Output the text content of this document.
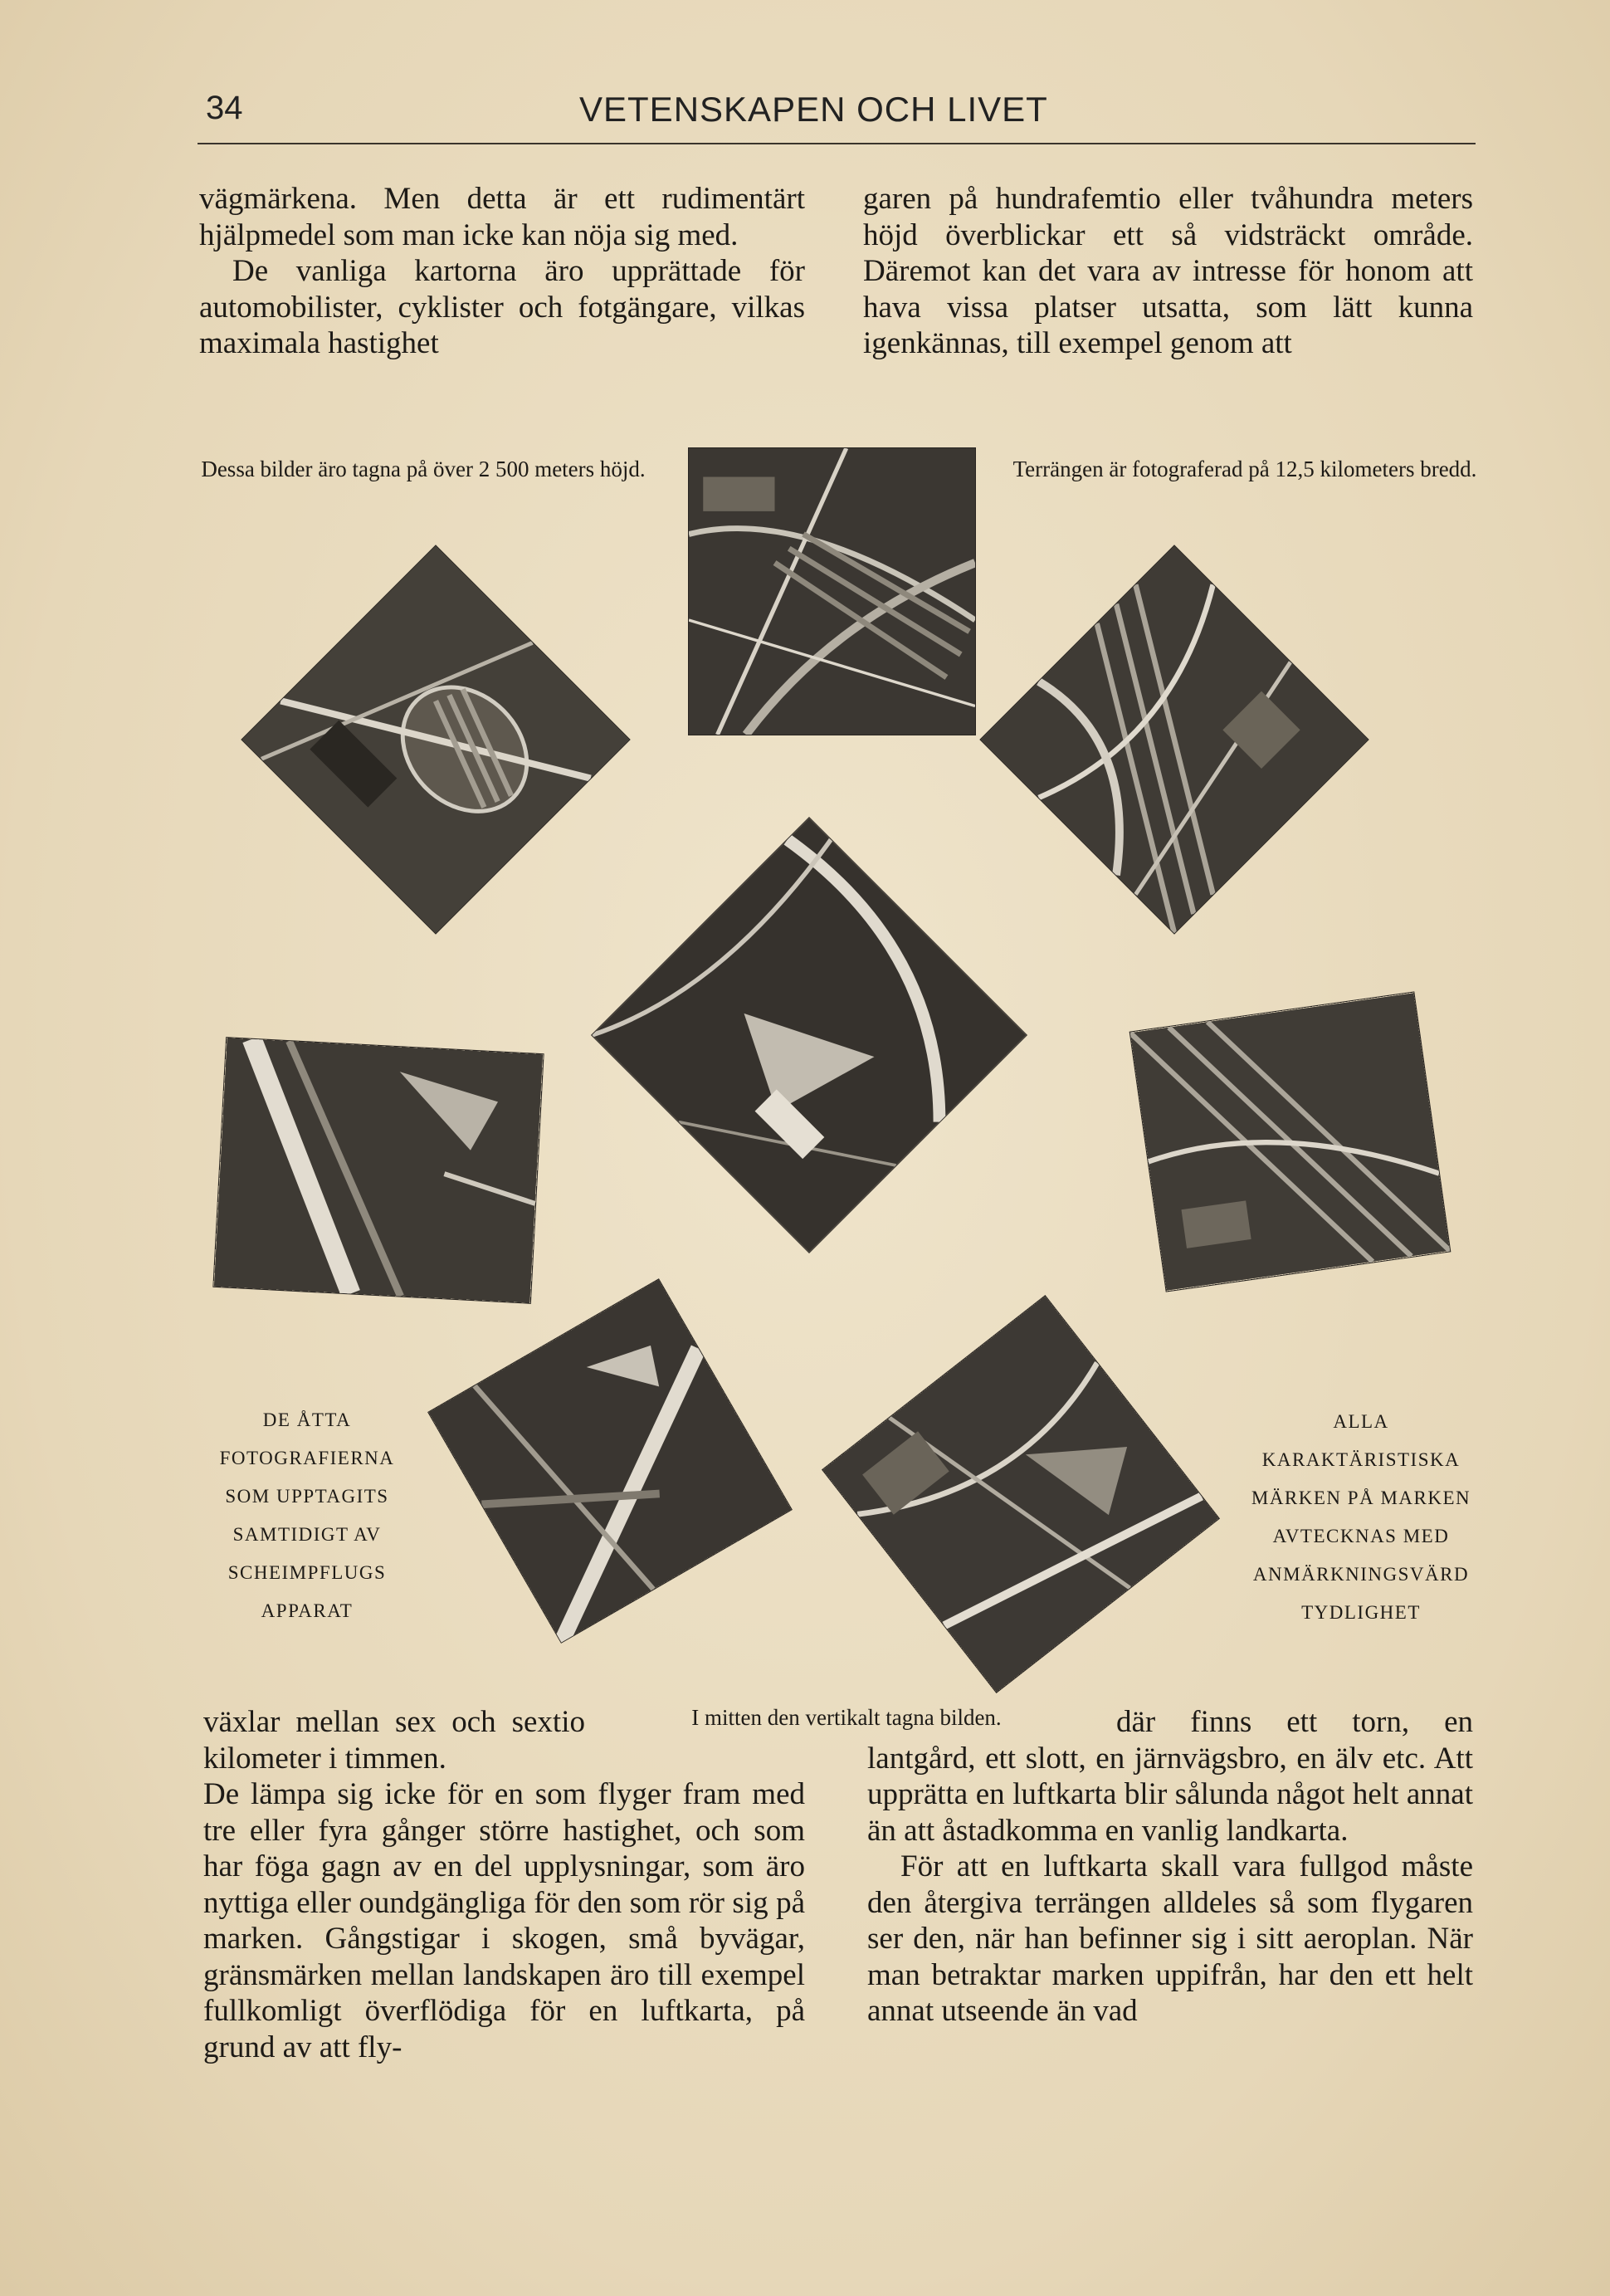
34	VETENSKAPEN OCH LIVET

vägmärkena. Men detta är ett rudimentärt hjälpmedel som man icke kan nöja sig med.

De vanliga kartorna äro upprättade för automobilister, cyklister och fotgängare, vilkas maximala hastighet

garen på hundrafemtio eller tvåhundra meters höjd överblickar ett så vidsträckt område. Däremot kan det vara av intresse för honom att hava vissa platser utsatta, som lätt kunna igenkännas, till exempel genom att

Dessa bilder äro tagna på över 2 500 meters höjd.	Terrängen är fotograferad på 12,5 kilometers bredd.
DE ÅTTA FOTOGRAFIERNA SOM UPPTAGITS SAMTIDIGT AV SCHEIMPFLUGS APPARAT
ALLA KARAKTÄRISTISKA MÄRKEN PÅ MARKEN AVTECKNAS MED ANMÄRKNINGSVÄRD TYDLIGHET
I mitten den vertikalt tagna bilden.

växlar mellan sex och sextio kilometer i timmen.

De lämpa sig icke för en som flyger fram med tre eller fyra gånger större hastighet, och som har föga gagn av en del upplysningar, som äro nyttiga eller oundgängliga för den som rör sig på marken. Gångstigar i skogen, små byvägar, gränsmärken mellan landskapen äro till exempel fullkomligt överflödiga för en luftkarta, på grund av att fly-

där finns ett torn, en lantgård, ett slott, en järnvägsbro, en älv etc. Att upprätta en luftkarta blir sålunda något helt annat än att åstadkomma en vanlig landkarta.

För att en luftkarta skall vara fullgod måste den återgiva terrängen alldeles så som flygaren ser den, när han befinner sig i sitt aeroplan. När man betraktar marken uppifrån, har den ett helt annat utseende än vad
